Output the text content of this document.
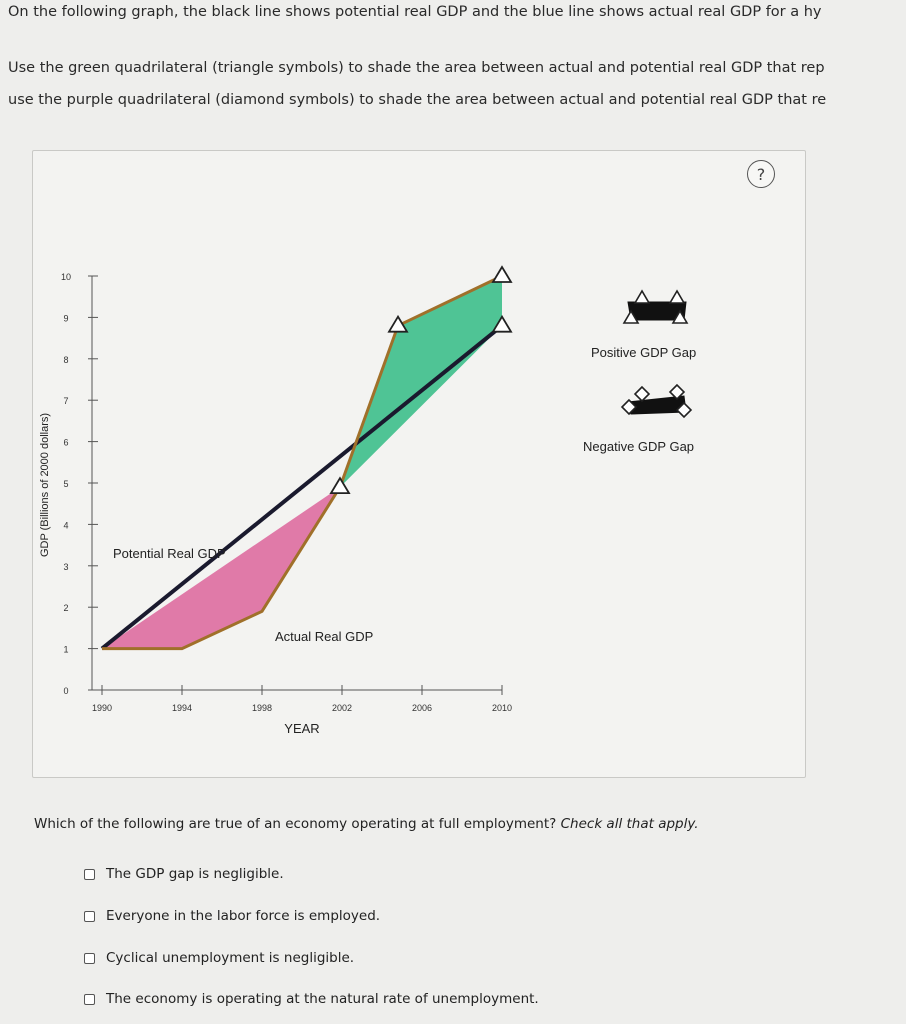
On the following graph, the black line shows potential real GDP and the blue line shows actual real GDP for a hy
Use the green quadrilateral (triangle symbols) to shade the area between actual and potential real GDP that rep
use the purple quadrilateral (diamond symbols) to shade the area between actual and potential real GDP that re
?
0
1
2
3
4
5
6
7
8
9
10
1990	1994	1998	2002	2006	2010
YEAR
GDP (Billions of 2000 dollars)	Potential Real GDP
Actual Real GDP
Positive GDP Gap
Negative GDP Gap
Which of the following are true of an economy operating at full employment? Check all that apply.
The GDP gap is negligible.
Everyone in the labor force is employed.
Cyclical unemployment is negligible.
The economy is operating at the natural rate of unemployment.
